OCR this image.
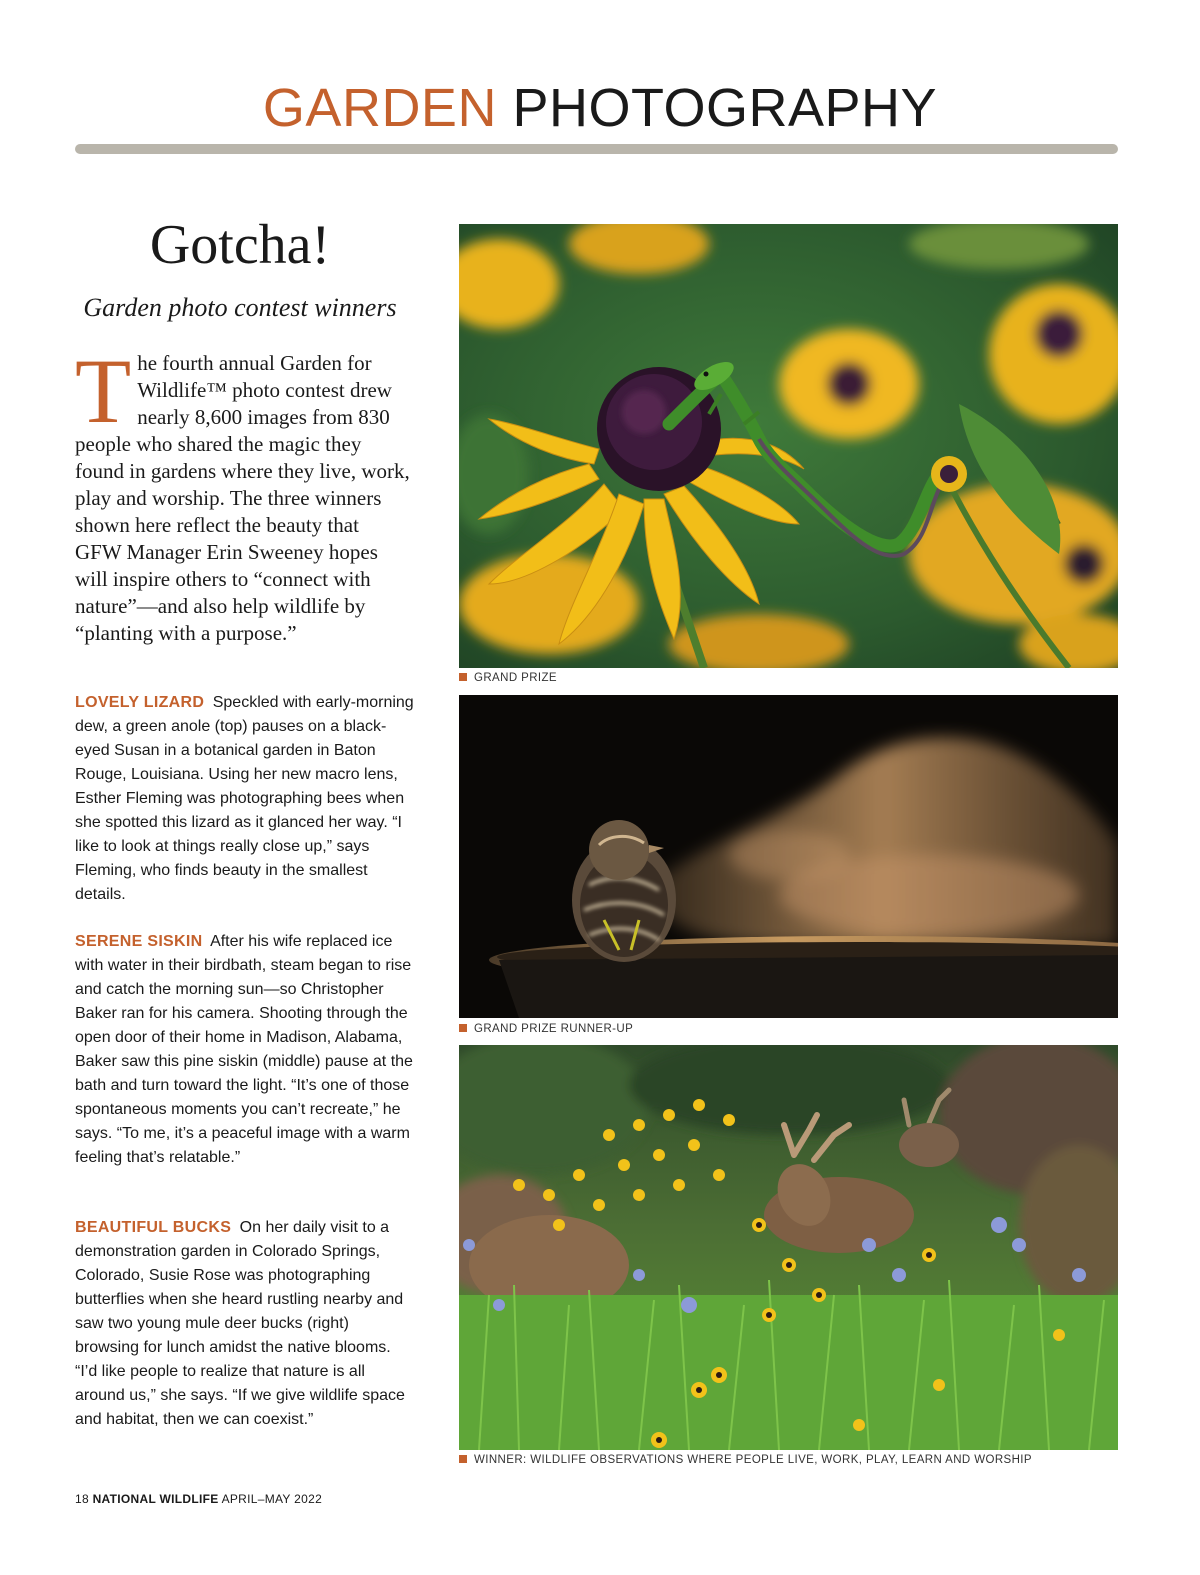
GARDEN PHOTOGRAPHY
Gotcha!
Garden photo contest winners
The fourth annual Garden for Wildlife™ photo contest drew nearly 8,600 images from 830 people who shared the magic they found in gardens where they live, work, play and worship. The three winners shown here reflect the beauty that GFW Manager Erin Sweeney hopes will inspire others to “connect with nature”—and also help wildlife by “planting with a purpose.”
LOVELY LIZARD Speckled with early-morning dew, a green anole (top) pauses on a black-eyed Susan in a botanical garden in Baton Rouge, Louisiana. Using her new macro lens, Esther Fleming was photographing bees when she spotted this lizard as it glanced her way. “I like to look at things really close up,” says Fleming, who finds beauty in the smallest details.
SERENE SISKIN After his wife replaced ice with water in their birdbath, steam began to rise and catch the morning sun—so Christopher Baker ran for his camera. Shooting through the open door of their home in Madison, Alabama, Baker saw this pine siskin (middle) pause at the bath and turn toward the light. “It’s one of those spontaneous moments you can’t recreate,” he says. “To me, it’s a peaceful image with a warm feeling that’s relatable.”
BEAUTIFUL BUCKS On her daily visit to a demonstration garden in Colorado Springs, Colorado, Susie Rose was photographing butterflies when she heard rustling nearby and saw two young mule deer bucks (right) browsing for lunch amidst the native blooms. “I’d like people to realize that nature is all around us,” she says. “If we give wildlife space and habitat, then we can coexist.”
GRAND PRIZE
GRAND PRIZE RUNNER-UP
WINNER: WILDLIFE OBSERVATIONS WHERE PEOPLE LIVE, WORK, PLAY, LEARN AND WORSHIP
18 NATIONAL WILDLIFE APRIL–MAY 2022
